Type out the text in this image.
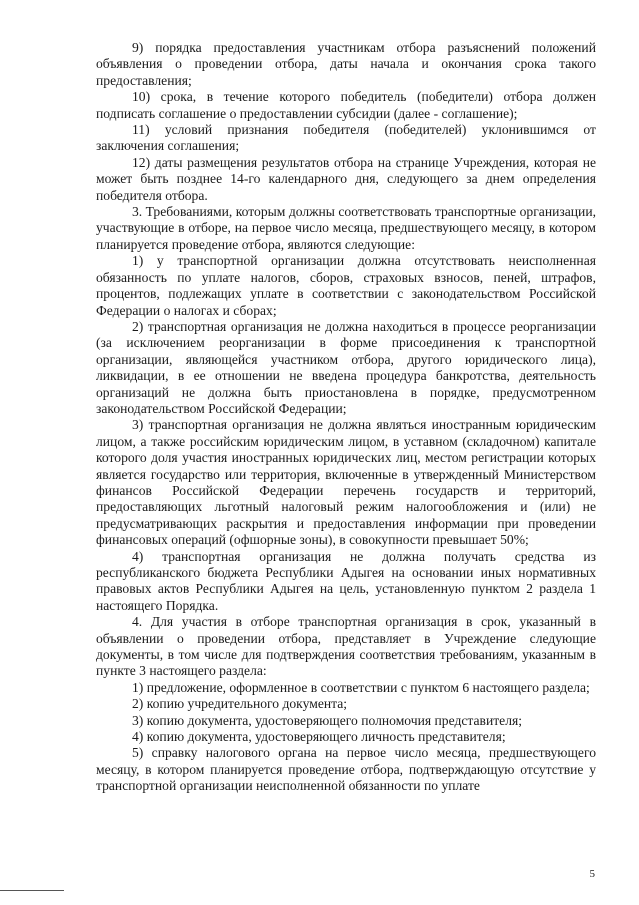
9) порядка предоставления участникам отбора разъяснений положений объявления о проведении отбора, даты начала и окончания срока такого предоставления;

10) срока, в течение которого победитель (победители) отбора должен подписать соглашение о предоставлении субсидии (далее - соглашение);

11) условий признания победителя (победителей) уклонившимся от заключения соглашения;

12) даты размещения результатов отбора на странице Учреждения, которая не может быть позднее 14-го календарного дня, следующего за днем определения победителя отбора.

3. Требованиями, которым должны соответствовать транспортные организации, участвующие в отборе, на первое число месяца, предшествующего месяцу, в котором планируется проведение отбора, являются следующие:

1) у транспортной организации должна отсутствовать неисполненная обязанность по уплате налогов, сборов, страховых взносов, пеней, штрафов, процентов, подлежащих уплате в соответствии с законодательством Российской Федерации о налогах и сборах;

2) транспортная организация не должна находиться в процессе реорганизации (за исключением реорганизации в форме присоединения к транспортной организации, являющейся участником отбора, другого юридического лица), ликвидации, в ее отношении не введена процедура банкротства, деятельность организаций не должна быть приостановлена в порядке, предусмотренном законодательством Российской Федерации;

3) транспортная организация не должна являться иностранным юридическим лицом, а также российским юридическим лицом, в уставном (складочном) капитале которого доля участия иностранных юридических лиц, местом регистрации которых является государство или территория, включенные в утвержденный Министерством финансов Российской Федерации перечень государств и территорий, предоставляющих льготный налоговый режим налогообложения и (или) не предусматривающих раскрытия и предоставления информации при проведении финансовых операций (офшорные зоны), в совокупности превышает 50%;

4) транспортная организация не должна получать средства из республиканского бюджета Республики Адыгея на основании иных нормативных правовых актов Республики Адыгея на цель, установленную пунктом 2 раздела 1 настоящего Порядка.

4. Для участия в отборе транспортная организация в срок, указанный в объявлении о проведении отбора, представляет в Учреждение следующие документы, в том числе для подтверждения соответствия требованиям, указанным в пункте 3 настоящего раздела:

1) предложение, оформленное в соответствии с пунктом 6 настоящего раздела;

2) копию учредительного документа;

3) копию документа, удостоверяющего полномочия представителя;

4) копию документа, удостоверяющего личность представителя;

5) справку налогового органа на первое число месяца, предшествующего месяцу, в котором планируется проведение отбора, подтверждающую отсутствие у транспортной организации неисполненной обязанности по уплате

5
